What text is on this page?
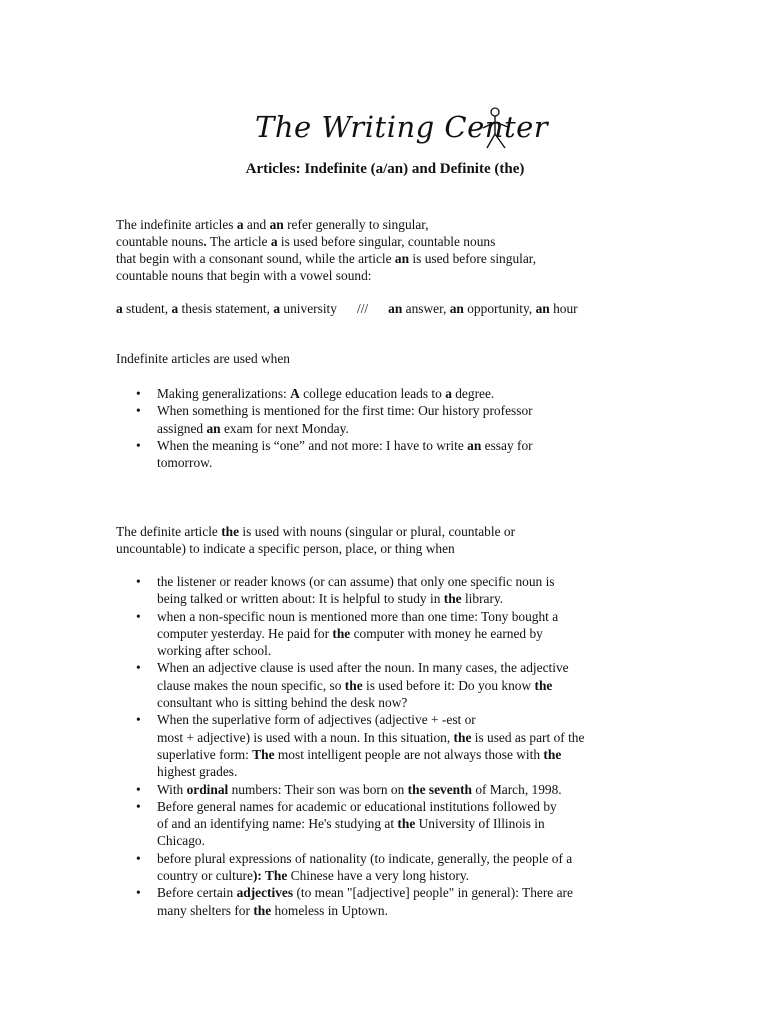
The Writing Center
Articles: Indefinite (a/an) and Definite (the)

The indefinite articles a and an refer generally to singular,

countable nouns. The article a is used before singular, countable nouns

that begin with a consonant sound, while the article an is used before singular,

countable nouns that begin with a vowel sound:

a student, a thesis statement, a university /// an answer, an opportunity, an hour
Indefinite articles are used when
• Making generalizations: A college education leads to a degree.
• When something is mentioned for the first time: Our history professor
assigned an exam for next Monday.
• When the meaning is “one” and not more: I have to write an essay for
tomorrow.

The definite article the is used with nouns (singular or plural, countable or

uncountable) to indicate a specific person, place, or thing when

• the listener or reader knows (or can assume) that only one specific noun is
being talked or written about: It is helpful to study in the library.
• when a non-specific noun is mentioned more than one time: Tony bought a
computer yesterday. He paid for the computer with money he earned by
working after school.
• When an adjective clause is used after the noun. In many cases, the adjective
clause makes the noun specific, so the is used before it: Do you know the
consultant who is sitting behind the desk now?
• When the superlative form of adjectives (adjective + -est or
most + adjective) is used with a noun. In this situation, the is used as part of the
superlative form: The most intelligent people are not always those with the
highest grades.
• With ordinal numbers: Their son was born on the seventh of March, 1998.
• Before general names for academic or educational institutions followed by
of and an identifying name: He's studying at the University of Illinois in
Chicago.
• before plural expressions of nationality (to indicate, generally, the people of a
country or culture): The Chinese have a very long history.
• Before certain adjectives (to mean "[adjective] people" in general): There are
many shelters for the homeless in Uptown.
